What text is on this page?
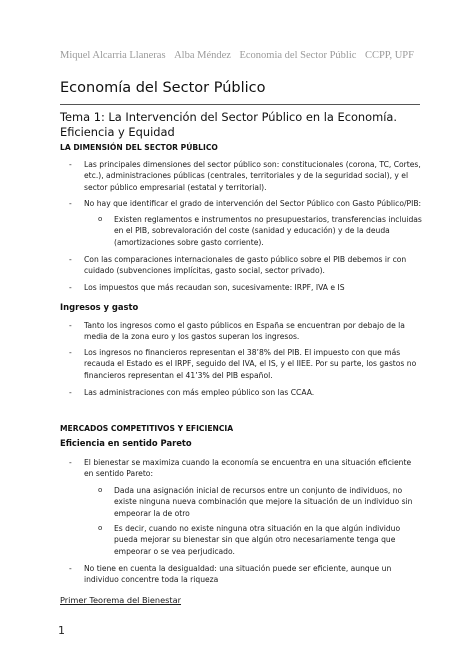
Miquel Alcarria Llaneras Alba Méndez Economia del Sector Públic CCPP, UPF
Economía del Sector Público
Tema 1: La Intervención del Sector Público en la Economía. Eficiencia y Equidad
LA DIMENSIÓN DEL SECTOR PÚBLICO
- Las principales dimensiones del sector público son: constitucionales (corona, TC, Cortes, etc.), administraciones públicas (centrales, territoriales y de la seguridad social), y el sector público empresarial (estatal y territorial).
- No hay que identificar el grado de intervención del Sector Público con Gasto Público/PIB:
o Existen reglamentos e instrumentos no presupuestarios, transferencias incluidas en el PIB, sobrevaloración del coste (sanidad y educación) y de la deuda (amortizaciones sobre gasto corriente).
- Con las comparaciones internacionales de gasto público sobre el PIB debemos ir con cuidado (subvenciones implícitas, gasto social, sector privado).
- Los impuestos que más recaudan son, sucesivamente: IRPF, IVA e IS
Ingresos y gasto
- Tanto los ingresos como el gasto públicos en España se encuentran por debajo de la media de la zona euro y los gastos superan los ingresos.
- Los ingresos no financieros representan el 38’8% del PIB. El impuesto con que más recauda el Estado es el IRPF, seguido del IVA, el IS, y el IIEE. Por su parte, los gastos no financieros representan el 41’3% del PIB español.
- Las administraciones con más empleo público son las CCAA.
MERCADOS COMPETITIVOS Y EFICIENCIA
Eficiencia en sentido Pareto
- El bienestar se maximiza cuando la economía se encuentra en una situación eficiente en sentido Pareto:
o Dada una asignación inicial de recursos entre un conjunto de individuos, no existe ninguna nueva combinación que mejore la situación de un individuo sin empeorar la de otro
o Es decir, cuando no existe ninguna otra situación en la que algún individuo pueda mejorar su bienestar sin que algún otro necesariamente tenga que empeorar o se vea perjudicado.
- No tiene en cuenta la desigualdad: una situación puede ser eficiente, aunque un individuo concentre toda la riqueza
Primer Teorema del Bienestar
1
